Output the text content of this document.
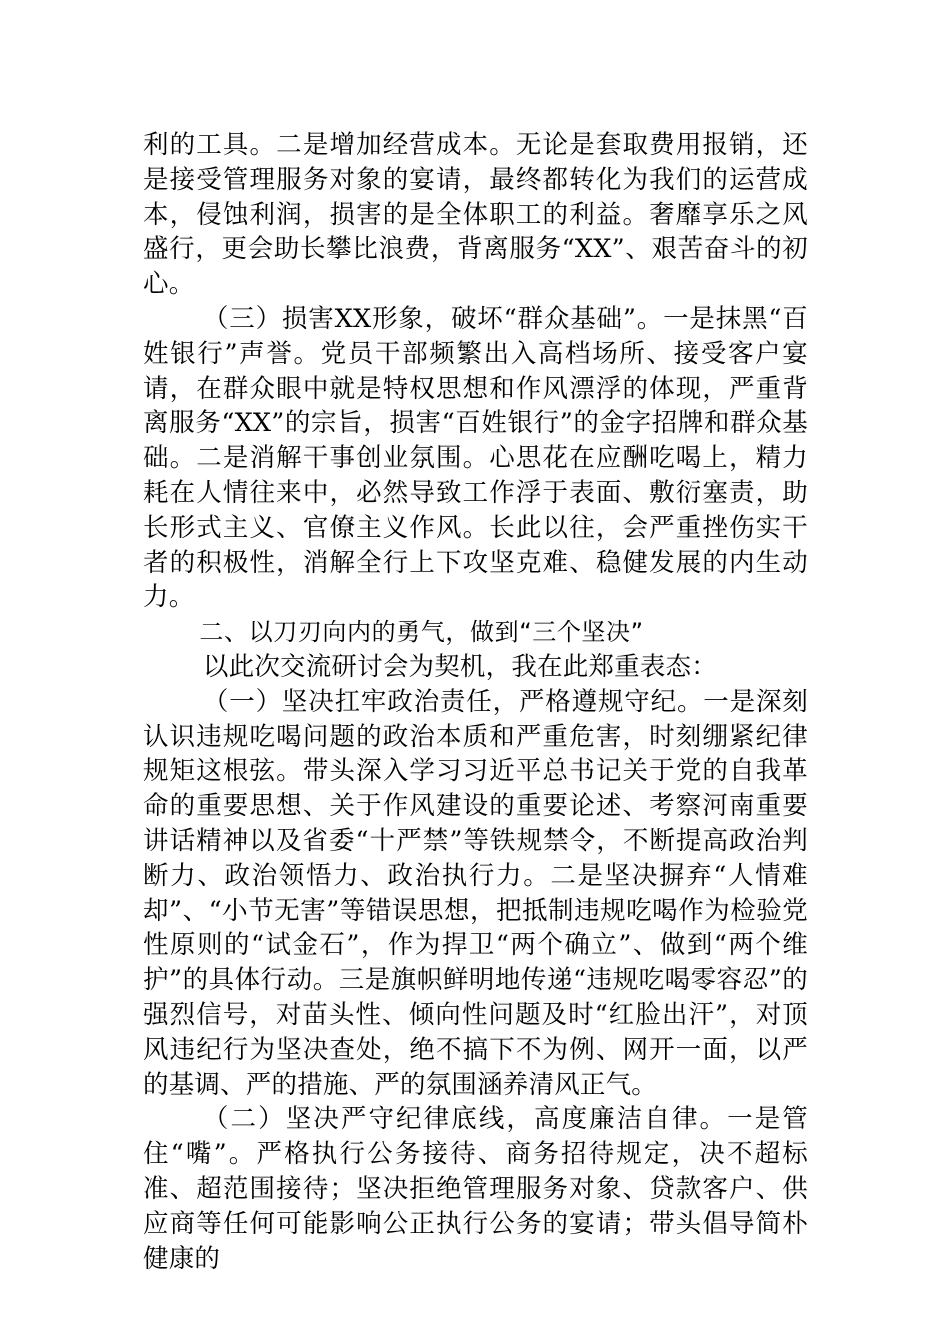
利的工具。二是增加经营成本。无论是套取费用报销，还是接受管理服务对象的宴请，最终都转化为我们的运营成本，侵蚀利润，损害的是全体职工的利益。奢靡享乐之风盛行，更会助长攀比浪费，背离服务“XX”、艰苦奋斗的初心。

（三）损害XX形象，破坏“群众基础”。一是抹黑“百姓银行”声誉。党员干部频繁出入高档场所、接受客户宴请，在群众眼中就是特权思想和作风漂浮的体现，严重背离服务“XX”的宗旨，损害“百姓银行”的金字招牌和群众基础。二是消解干事创业氛围。心思花在应酬吃喝上，精力耗在人情往来中，必然导致工作浮于表面、敷衍塞责，助长形式主义、官僚主义作风。长此以往，会严重挫伤实干者的积极性，消解全行上下攻坚克难、稳健发展的内生动力。

二、以刀刃向内的勇气，做到“三个坚决”

以此次交流研讨会为契机，我在此郑重表态：

（一）坚决扛牢政治责任，严格遵规守纪。一是深刻认识违规吃喝问题的政治本质和严重危害，时刻绷紧纪律规矩这根弦。带头深入学习习近平总书记关于党的自我革命的重要思想、关于作风建设的重要论述、考察河南重要讲话精神以及省委“十严禁”等铁规禁令，不断提高政治判断力、政治领悟力、政治执行力。二是坚决摒弃“人情难却”、“小节无害”等错误思想，把抵制违规吃喝作为检验党性原则的“试金石”，作为捍卫“两个确立”、做到“两个维护”的具体行动。三是旗帜鲜明地传递“违规吃喝零容忍”的强烈信号，对苗头性、倾向性问题及时“红脸出汗”，对顶风违纪行为坚决查处，绝不搞下不为例、网开一面，以严的基调、严的措施、严的氛围涵养清风正气。

（二）坚决严守纪律底线，高度廉洁自律。一是管住“嘴”。严格执行公务接待、商务招待规定，决不超标准、超范围接待；坚决拒绝管理服务对象、贷款客户、供应商等任何可能影响公正执行公务的宴请；带头倡导简朴健康的
